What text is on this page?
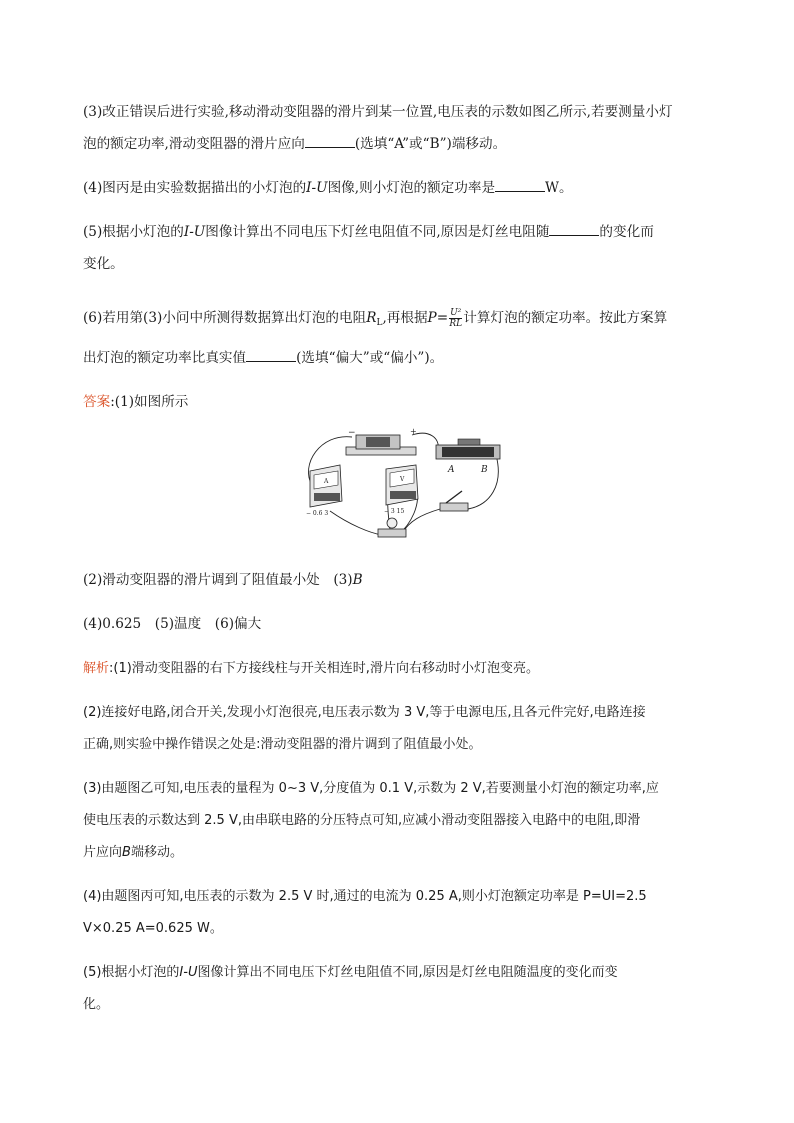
(3)改正错误后进行实验,移动滑动变阻器的滑片到某一位置,电压表的示数如图乙所示,若要测量小灯
泡的额定功率,滑动变阻器的滑片应向	(选填“A”或“B”)端移动。
(4)图丙是由实验数据描出的小灯泡的I-U图像,则小灯泡的额定功率是	W。
(5)根据小灯泡的I-U图像计算出不同电压下灯丝电阻值不同,原因是灯丝电阻随	的变化而
变化。
(6)若用第(3)小问中所测得数据算出灯泡的电阻$R_L$,再根据$P= \frac{\text{U²}}{RL}$ 计算灯泡的额定功率。按此方案算
出灯泡的额定功率比真实值	(选填“偏大”或“偏小”)。
答案:(1)如图所示
−	+
A	B
A
− 0.6 3
V
− 3 15
(2)滑动变阻器的滑片调到了阻值最小处　(3)B
(4)0.625　(5)温度　(6)偏大
解析:(1)滑动变阻器的右下方接线柱与开关相连时,滑片向右移动时小灯泡变亮。
(2)连接好电路,闭合开关,发现小灯泡很亮,电压表示数为 3 V,等于电源电压,且各元件完好,电路连接
正确,则实验中操作错误之处是:滑动变阻器的滑片调到了阻值最小处。
(3)由题图乙可知,电压表的量程为 0~3 V,分度值为 0.1 V,示数为 2 V,若要测量小灯泡的额定功率,应
使电压表的示数达到 2.5 V,由串联电路的分压特点可知,应减小滑动变阻器接入电路中的电阻,即滑
片应向B端移动。
(4)由题图丙可知,电压表的示数为 2.5 V 时,通过的电流为 0.25 A,则小灯泡额定功率是 P=UI=2.5
V×0.25 A=0.625 W。
(5)根据小灯泡的I-U图像计算出不同电压下灯丝电阻值不同,原因是灯丝电阻随温度的变化而变
化。
